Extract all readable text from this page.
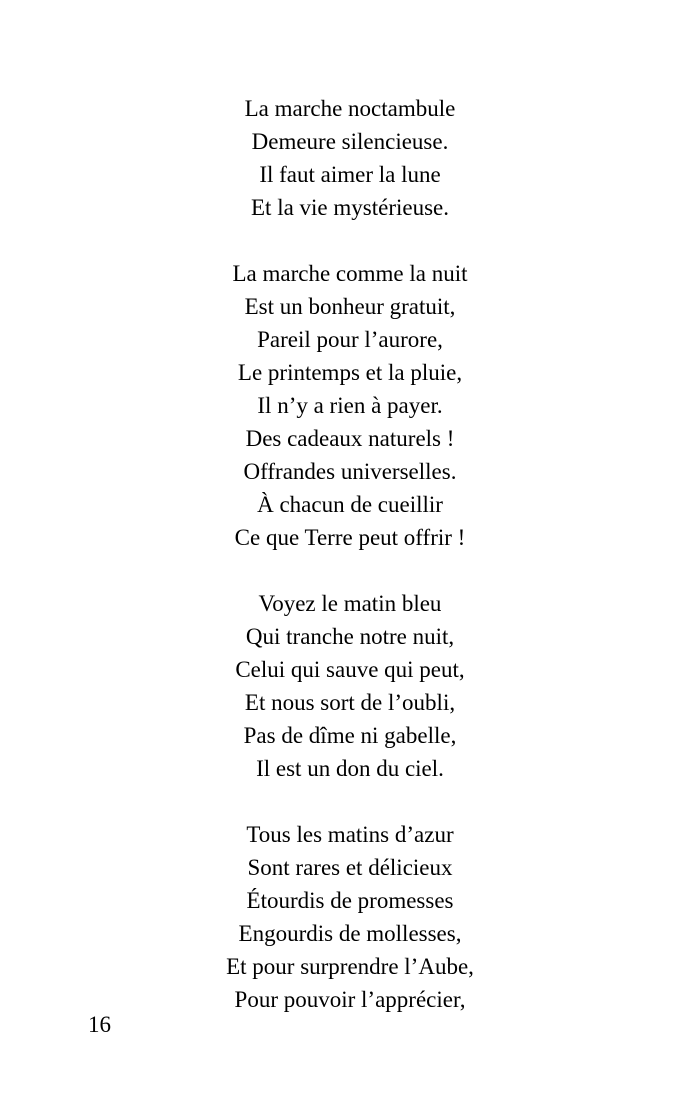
La marche noctambule
Demeure silencieuse.
Il faut aimer la lune
Et la vie mystérieuse.
La marche comme la nuit
Est un bonheur gratuit,
Pareil pour l’aurore,
Le printemps et la pluie,
Il n’y a rien à payer.
Des cadeaux naturels !
Offrandes universelles.
À chacun de cueillir
Ce que Terre peut offrir !
Voyez le matin bleu
Qui tranche notre nuit,
Celui qui sauve qui peut,
Et nous sort de l’oubli,
Pas de dîme ni gabelle,
Il est un don du ciel.
Tous les matins d’azur
Sont rares et délicieux
Étourdis de promesses
Engourdis de mollesses,
Et pour surprendre l’Aube,
Pour pouvoir l’apprécier,
16
